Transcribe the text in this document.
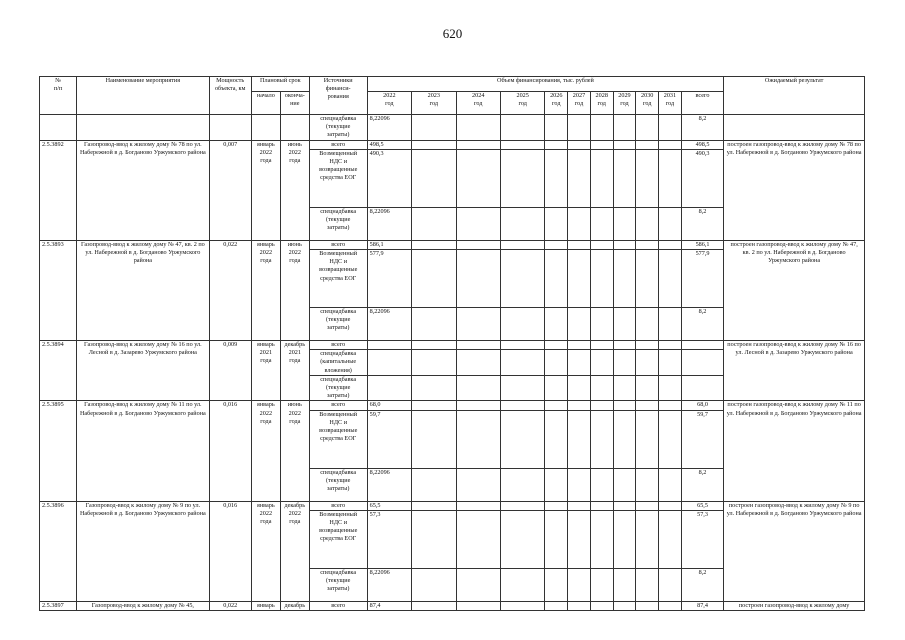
620
№
п/п	Наименование мероприятия	Мощность объекта, км	Плановый срок		Источники финанси-
рования	Объем финансирования, тыс. рублей											Ожидаемый результат
			начало	оконча-
ние		2022
год	2023
год	2024
год	2025
год	2026
год	2027
год	2028
год	2029
год	2030
год	2031
год	всего	
					спецнадбавка
(текущие
затраты)	8,22096										8,2	
2.5.3892	Газопровод-ввод к жилому дому № 78 по ул. Набережной в д. Богданово Уржумского района	0,007	январь
2022
года	июнь
2022
года	всего	498,5										498,5	построен газопровод-ввод к жилому дому № 78 по ул. Набережной в д. Богданово Уржумского района
					Возмещенный
НДС и
возвращенные
средства ЕОГ	490,3										490,3	
					спецнадбавка
(текущие
затраты)	8,22096										8,2	
2.5.3893	Газопровод-ввод к жилому дому № 47, кв. 2 по ул. Набережной в д. Богданово Уржумского района	0,022	январь
2022
года	июнь
2022
года	всего	586,1										586,1	построен газопровод-ввод к жилому дому № 47, кв. 2 по ул. Набережной в д. Богданово Уржумского района
					Возмещенный
НДС и
возвращенные
средства ЕОГ	577,9										577,9	
					спецнадбавка
(текущие
затраты)	8,22096										8,2	
2.5.3894	Газопровод-ввод к жилому дому № 16 по ул. Лесной в д. Зазарево Уржумского района	0,009	январь
2021
года	декабрь
2021
года	всего												построен газопровод-ввод к жилому дому № 16 по ул. Лесной в д. Зазарево Уржумского района
					спецнадбавка
(капитальные
вложения)												
					спецнадбавка
(текущие
затраты)												
2.5.3895	Газопровод-ввод к жилому дому № 11 по ул. Набережной в д. Богданово Уржумского района	0,016	январь
2022
года	июнь
2022
года	всего	68,0										68,0	построен газопровод-ввод к жилому дому № 11 по ул. Набережной в д. Богданово Уржумского района
					Возмещенный
НДС и
возвращенные
средства ЕОГ	59,7										59,7	
					спецнадбавка
(текущие
затраты)	8,22096										8,2	
2.5.3896	Газопровод-ввод к жилому дому № 9 по ул. Набережной в д. Богданово Уржумского района	0,016	январь
2022
года	декабрь
2022
года	всего	65,5										65,5	построен газопровод-ввод к жилому дому № 9 по ул. Набережной в д. Богданово Уржумского района
					Возмещенный
НДС и
возвращенные
средства ЕОГ	57,3										57,3	
					спецнадбавка
(текущие
затраты)	8,22096										8,2	
2.5.3897	Газопровод-ввод к жилому дому № 45,	0,022	январь	декабрь	всего	87,4										87,4	построен газопровод-ввод к жилому дому
